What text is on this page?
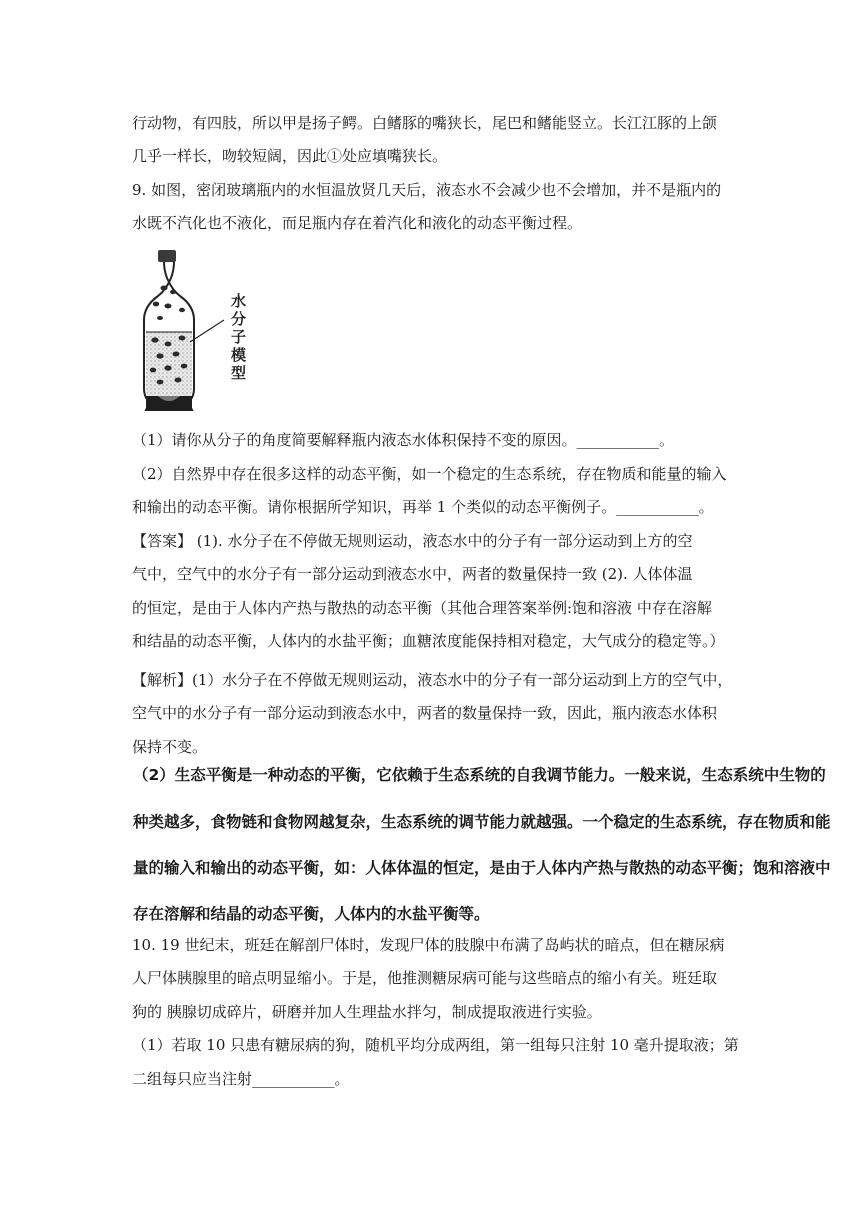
行动物，有四肢，所以甲是扬子鳄。白鳍豚的嘴狭长，尾巴和鳍能竖立。长江江豚的上颌
几乎一样长，吻较短阔，因此①处应填嘴狭长。
9. 如图，密闭玻璃瓶内的水恒温放贤几天后，液态水不会减少也不会增加，并不是瓶内的
水既不汽化也不液化，而足瓶内存在着汽化和液化的动态平衡过程。
水分子模型
（1）请你从分子的角度简要解释瓶内液态水体积保持不变的原因。___________。
（2）自然界中存在很多这样的动态平衡，如一个稳定的生态系统，存在物质和能量的输入
和输出的动态平衡。请你根据所学知识，再举 1 个类似的动态平衡例子。___________。
【答案】 (1). 水分子在不停做无规则运动，液态水中的分子有一部分运动到上方的空
气中，空气中的水分子有一部分运动到液态水中，两者的数量保持一致 (2). 人体体温
的恒定，是由于人体内产热与散热的动态平衡（其他合理答案举例:饱和溶液 中存在溶解
和结晶的动态平衡，人体内的水盐平衡；血糖浓度能保持相对稳定，大气成分的稳定等。）
【解析】(1）水分子在不停做无规则运动，液态水中的分子有一部分运动到上方的空气中，
空气中的水分子有一部分运动到液态水中，两者的数量保持一致，因此，瓶内液态水体积
保持不变。
（2）生态平衡是一种动态的平衡，它依赖于生态系统的自我调节能力。一般来说，生态系统中生物的
种类越多，食物链和食物网越复杂，生态系统的调节能力就越强。一个稳定的生态系统，存在物质和能
量的输入和输出的动态平衡，如：人体体温的恒定，是由于人体内产热与散热的动态平衡；饱和溶液中
存在溶解和结晶的动态平衡，人体内的水盐平衡等。
10. 19 世纪末，班廷在解剖尸体时，发现尸体的肢腺中布满了岛屿状的暗点，但在糖尿病
人尸体胰腺里的暗点明显缩小。于是，他推测糖尿病可能与这些暗点的缩小有关。班廷取
狗的 胰腺切成碎片，研磨并加人生理盐水拌匀，制成提取液进行实验。
（1）若取 10 只患有糖尿病的狗，随机平均分成两组，第一组每只注射 10 毫升提取液；第
二组每只应当注射___________。
